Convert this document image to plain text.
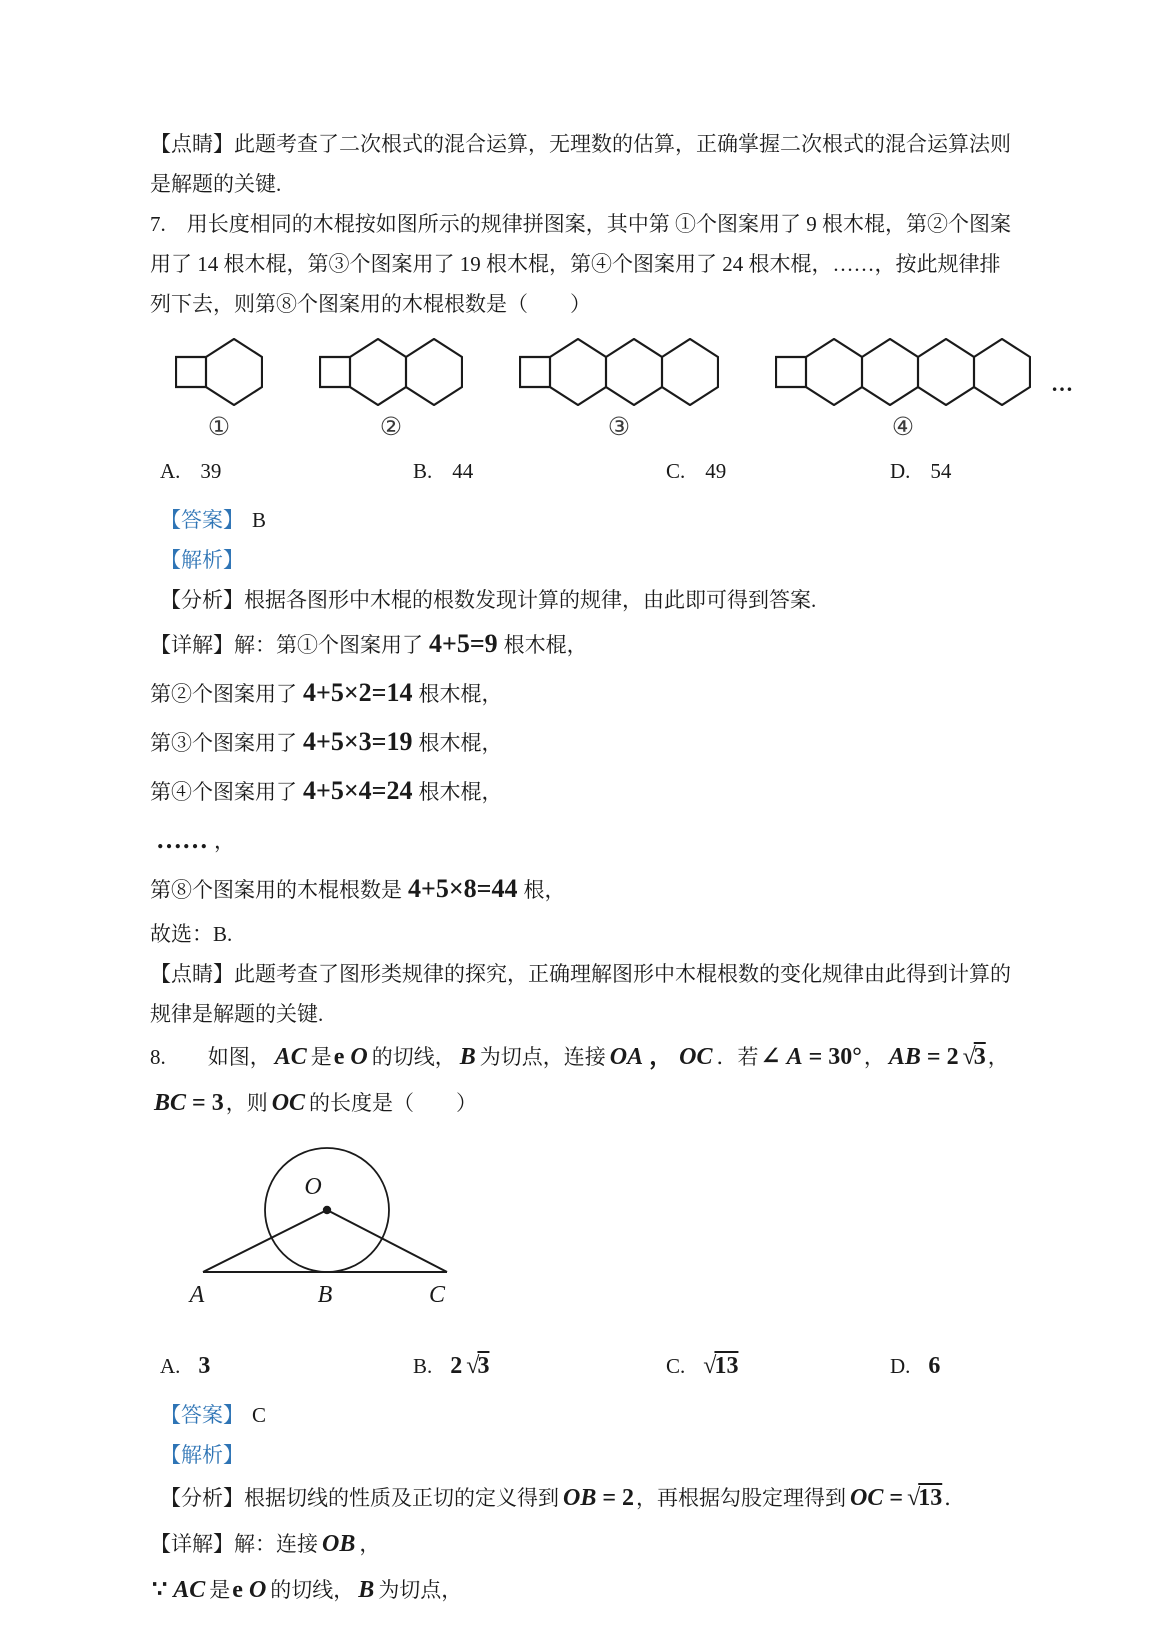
【点睛】此题考查了二次根式的混合运算，无理数的估算，正确掌握二次根式的混合运算法则是解题的关键.

7.　用长度相同的木棍按如图所示的规律拼图案，其中第 ①个图案用了 9 根木棍，第②个图案用了 14 根木棍，第③个图案用了 19 根木棍，第④个图案用了 24 根木棍，……，按此规律排列下去，则第⑧个图案用的木棍根数是（　　）

①	②	③	④
…
A. 39	B. 44	C. 49	D. 54

【答案】 B

【解析】

【分析】根据各图形中木棍的根数发现计算的规律，由此即可得到答案.

【详解】解：第①个图案用了 4+5=9 根木棍，

第②个图案用了 4+5×2=14 根木棍，

第③个图案用了 4+5×3=19 根木棍，

第④个图案用了 4+5×4=24 根木棍，

…… ，

第⑧个图案用的木棍根数是 4+5×8=44 根，

故选：B.

【点睛】此题考查了图形类规律的探究，正确理解图形中木棍根数的变化规律由此得到计算的规律是解题的关键.

8.　　如图， AC 是e O 的切线， B 为切点，连接 OA ， OC ．若∠ A = 30°， AB = 2 √3，BC = 3，则 OC 的长度是（　　）

O
A	B	C
A. 3	B. 2 √3	C. √13	D. 6

【答案】 C

【解析】

【分析】根据切线的性质及正切的定义得到 OB = 2，再根据勾股定理得到 OC = √13．

【详解】解：连接 OB ，

∵ AC 是e O 的切线， B 为切点，
